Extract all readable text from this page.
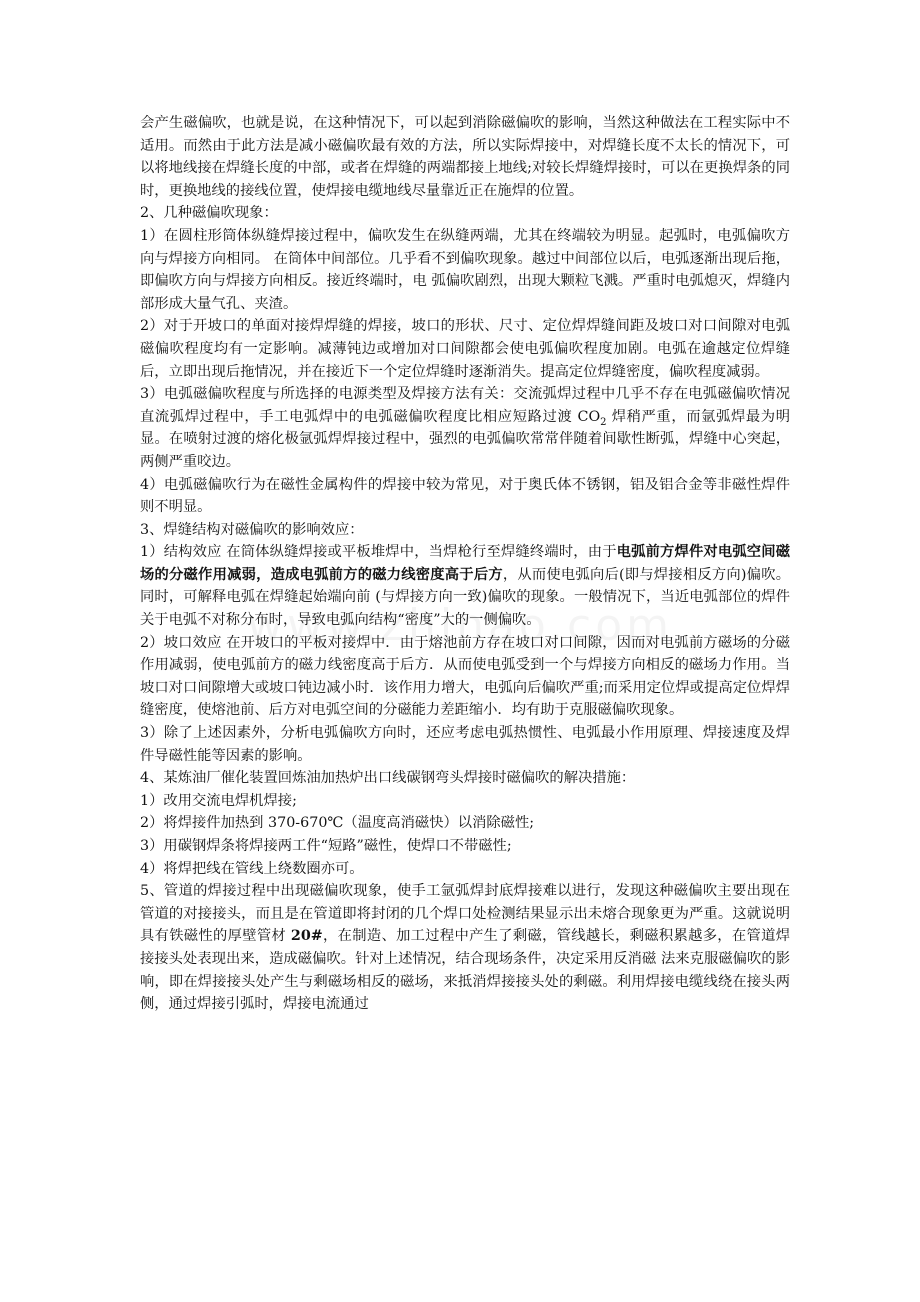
会产生磁偏吹，也就是说，在这种情况下，可以起到消除磁偏吹的影响，当然这种做法在工程实际中不适用。而然由于此方法是减小磁偏吹最有效的方法，所以实际焊接中，对焊缝长度不太长的情况下，可以将地线接在焊缝长度的中部，或者在焊缝的两端都接上地线;对较长焊缝焊接时，可以在更换焊条的同时，更换地线的接线位置，使焊接电缆地线尽量靠近正在施焊的位置。

2、几种磁偏吹现象：

1）在圆柱形筒体纵缝焊接过程中，偏吹发生在纵缝两端，尤其在终端较为明显。起弧时，电弧偏吹方向与焊接方向相同。 在筒体中间部位。几乎看不到偏吹现象。越过中间部位以后，电弧逐渐出现后拖，即偏吹方向与焊接方向相反。接近终端时，电 弧偏吹剧烈，出现大颗粒飞溅。严重时电弧熄灭，焊缝内部形成大量气孔、夹渣。

2）对于开坡口的单面对接焊焊缝的焊接，坡口的形状、尺寸、定位焊焊缝间距及坡口对口间隙对电弧磁偏吹程度均有一定影响。减薄钝边或增加对口间隙都会使电弧偏吹程度加剧。电弧在逾越定位焊缝后，立即出现后拖情况，并在接近下一个定位焊缝时逐渐消失。提高定位焊缝密度，偏吹程度减弱。

3）电弧磁偏吹程度与所选择的电源类型及焊接方法有关：交流弧焊过程中几乎不存在电弧磁偏吹情况直流弧焊过程中，手工电弧焊中的电弧磁偏吹程度比相应短路过渡 $CO_2$ 焊稍严重，而氩弧焊最为明显。在喷射过渡的熔化极氩弧焊焊接过程中，强烈的电弧偏吹常常伴随着间歇性断弧，焊缝中心突起，两侧严重咬边。

4）电弧磁偏吹行为在磁性金属构件的焊接中较为常见，对于奥氏体不锈钢，铝及铝合金等非磁性焊件则不明显。

3、焊缝结构对磁偏吹的影响效应：

1）结构效应 在筒体纵缝焊接或平板堆焊中，当焊枪行至焊缝终端时，由于电弧前方焊件对电弧空间磁场的分磁作用减弱，造成电弧前方的磁力线密度高于后方，从而使电弧向后(即与焊接相反方向)偏吹。同时，可解释电弧在焊缝起始端向前 (与焊接方向一致)偏吹的现象。一般情况下，当近电弧部位的焊件关于电弧不对称分布时，导致电弧向结构“密度”大的一侧偏吹。

2）坡口效应 在开坡口的平板对接焊中．由于熔池前方存在坡口对口间隙，因而对电弧前方磁场的分磁作用减弱，使电弧前方的磁力线密度高于后方．从而使电弧受到一个与焊接方向相反的磁场力作用。当坡口对口间隙增大或坡口钝边减小时．该作用力增大，电弧向后偏吹严重;而采用定位焊或提高定位焊焊缝密度，使熔池前、后方对电弧空间的分磁能力差距缩小．均有助于克服磁偏吹现象。

3）除了上述因素外，分析电弧偏吹方向时，还应考虑电弧热惯性、电弧最小作用原理、焊接速度及焊件导磁性能等因素的影响。

4、某炼油厂催化装置回炼油加热炉出口线碳钢弯头焊接时磁偏吹的解决措施：

1）改用交流电焊机焊接;

2）将焊接件加热到 370-670℃（温度高消磁快）以消除磁性;

3）用碳钢焊条将焊接两工件“短路”磁性，使焊口不带磁性;

4）将焊把线在管线上绕数圈亦可。

5、管道的焊接过程中出现磁偏吹现象，使手工氩弧焊封底焊接难以进行，发现这种磁偏吹主要出现在管道的对接接头，而且是在管道即将封闭的几个焊口处检测结果显示出未熔合现象更为严重。这就说明具有铁磁性的厚壁管材 20#，在制造、加工过程中产生了剩磁，管线越长，剩磁积累越多，在管道焊接接头处表现出来，造成磁偏吹。针对上述情况，结合现场条件，决定采用反消磁 法来克服磁偏吹的影响，即在焊接接头处产生与剩磁场相反的磁场，来抵消焊接接头处的剩磁。利用焊接电缆线绕在接头两侧，通过焊接引弧时，焊接电流通过
